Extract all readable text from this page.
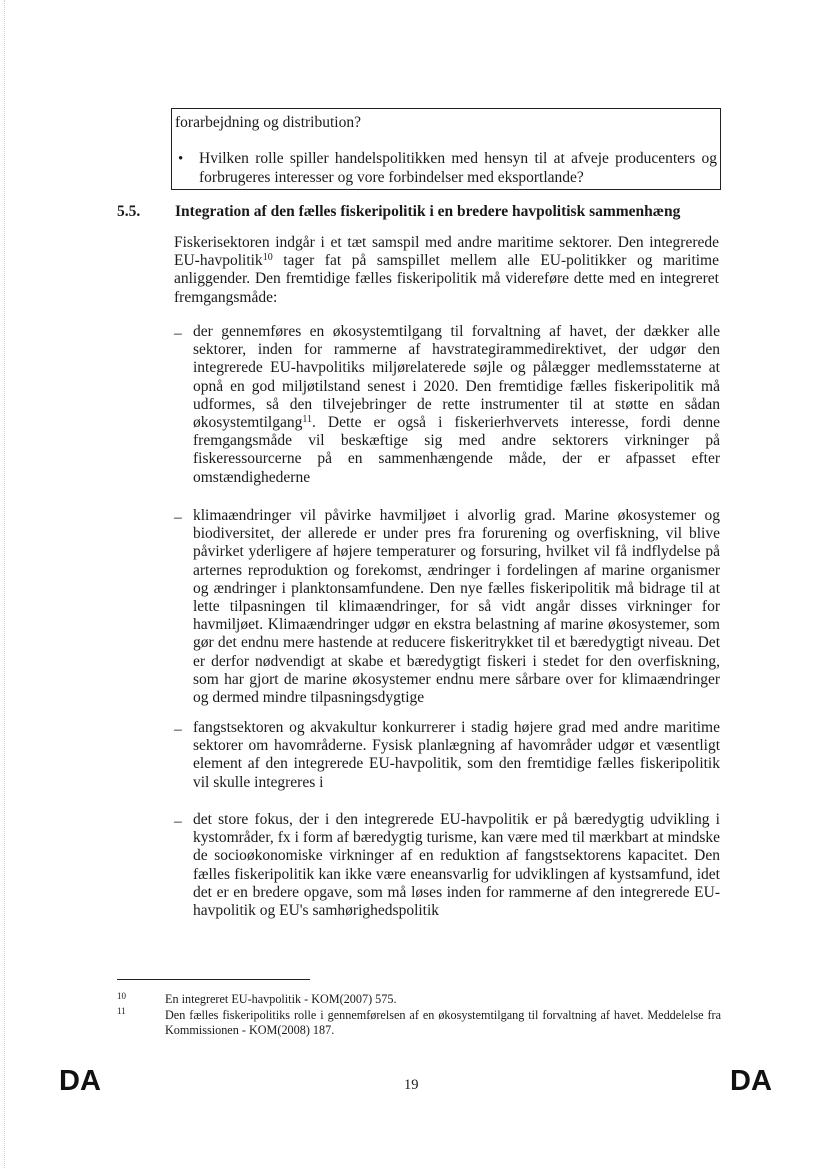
forarbejdning og distribution?
• Hvilken rolle spiller handelspolitikken med hensyn til at afveje producenters og forbrugeres interesser og vore forbindelser med eksportlande?
5.5. Integration af den fælles fiskeripolitik i en bredere havpolitisk sammenhæng

Fiskerisektoren indgår i et tæt samspil med andre maritime sektorer. Den integrerede EU-havpolitik$^{10}$ tager fat på samspillet mellem alle EU-politikker og maritime anliggender. Den fremtidige fælles fiskeripolitik må videreføre dette med en integreret fremgangsmåde:

– der gennemføres en økosystemtilgang til forvaltning af havet, der dækker alle sektorer, inden for rammerne af havstrategirammedirektivet, der udgør den integrerede EU-havpolitiks miljørelaterede søjle og pålægger medlemsstaterne at opnå en god miljøtilstand senest i 2020. Den fremtidige fælles fiskeripolitik må udformes, så den tilvejebringer de rette instrumenter til at støtte en sådan økosystemtilgang$^{11}$. Dette er også i fiskerierhvervets interesse, fordi denne fremgangsmåde vil beskæftige sig med andre sektorers virkninger på fiskeressourcerne på en sammenhængende måde, der er afpasset efter omstændighederne

– klimaændringer vil påvirke havmiljøet i alvorlig grad. Marine økosystemer og biodiversitet, der allerede er under pres fra forurening og overfiskning, vil blive påvirket yderligere af højere temperaturer og forsuring, hvilket vil få indflydelse på arternes reproduktion og forekomst, ændringer i fordelingen af marine organismer og ændringer i planktonsamfundene. Den nye fælles fiskeripolitik må bidrage til at lette tilpasningen til klimaændringer, for så vidt angår disses virkninger for havmiljøet. Klimaændringer udgør en ekstra belastning af marine økosystemer, som gør det endnu mere hastende at reducere fiskeritrykket til et bæredygtigt niveau. Det er derfor nødvendigt at skabe et bæredygtigt fiskeri i stedet for den overfiskning, som har gjort de marine økosystemer endnu mere sårbare over for klimaændringer og dermed mindre tilpasningsdygtige

– fangstsektoren og akvakultur konkurrerer i stadig højere grad med andre maritime sektorer om havområderne. Fysisk planlægning af havområder udgør et væsentligt element af den integrerede EU-havpolitik, som den fremtidige fælles fiskeripolitik vil skulle integreres i

– det store fokus, der i den integrerede EU-havpolitik er på bæredygtig udvikling i kystområder, fx i form af bæredygtig turisme, kan være med til mærkbart at mindske de socioøkonomiske virkninger af en reduktion af fangstsektorens kapacitet. Den fælles fiskeripolitik kan ikke være eneansvarlig for udviklingen af kystsamfund, idet det er en bredere opgave, som må løses inden for rammerne af den integrerede EU-havpolitik og EU's samhørighedspolitik

10	En integreret EU-havpolitik - KOM(2007) 575.
11	Den fælles fiskeripolitiks rolle i gennemførelsen af en økosystemtilgang til forvaltning af havet. Meddelelse fra Kommissionen - KOM(2008) 187.
DA	19	DA
